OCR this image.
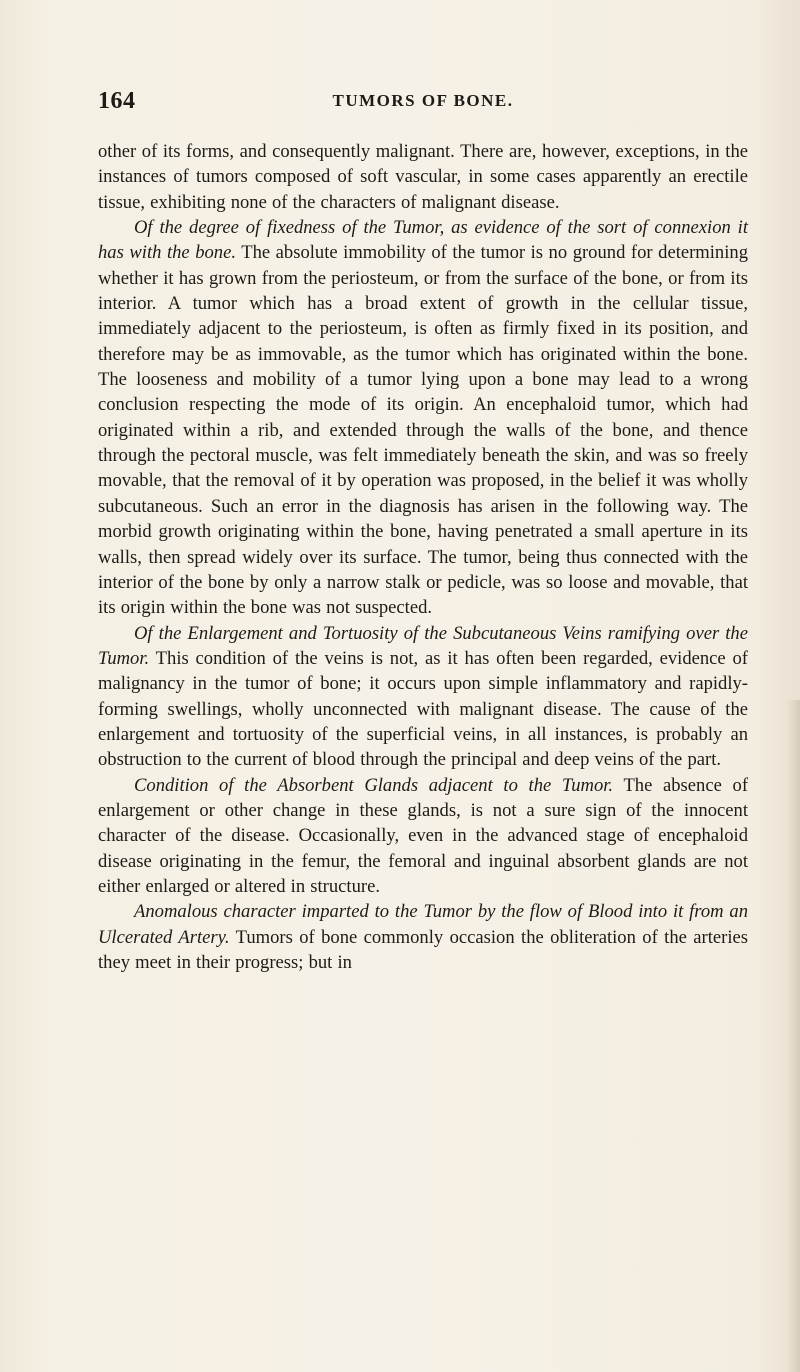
164	TUMORS OF BONE.

other of its forms, and consequently malignant. There are, however, exceptions, in the instances of tumors composed of soft vascular, in some cases apparently an erectile tissue, exhibiting none of the characters of malignant disease.

Of the degree of fixedness of the Tumor, as evidence of the sort of connexion it has with the bone. The absolute immobility of the tumor is no ground for determining whether it has grown from the periosteum, or from the surface of the bone, or from its interior. A tumor which has a broad extent of growth in the cellular tissue, immediately adjacent to the periosteum, is often as firmly fixed in its position, and therefore may be as immovable, as the tumor which has originated within the bone. The looseness and mobility of a tumor lying upon a bone may lead to a wrong conclusion respecting the mode of its origin. An encephaloid tumor, which had originated within a rib, and extended through the walls of the bone, and thence through the pectoral muscle, was felt immediately beneath the skin, and was so freely movable, that the removal of it by operation was proposed, in the belief it was wholly subcutaneous. Such an error in the diagnosis has arisen in the following way. The morbid growth originating within the bone, having penetrated a small aperture in its walls, then spread widely over its surface. The tumor, being thus connected with the interior of the bone by only a narrow stalk or pedicle, was so loose and movable, that its origin within the bone was not suspected.

Of the Enlargement and Tortuosity of the Subcutaneous Veins ramifying over the Tumor. This condition of the veins is not, as it has often been regarded, evidence of malignancy in the tumor of bone; it occurs upon simple inflammatory and rapidly-forming swellings, wholly unconnected with malignant disease. The cause of the enlargement and tortuosity of the superficial veins, in all instances, is probably an obstruction to the current of blood through the principal and deep veins of the part.

Condition of the Absorbent Glands adjacent to the Tumor. The absence of enlargement or other change in these glands, is not a sure sign of the innocent character of the disease. Occasionally, even in the advanced stage of encephaloid disease originating in the femur, the femoral and inguinal absorbent glands are not either enlarged or altered in structure.

Anomalous character imparted to the Tumor by the flow of Blood into it from an Ulcerated Artery. Tumors of bone commonly occasion the obliteration of the arteries they meet in their progress; but in
